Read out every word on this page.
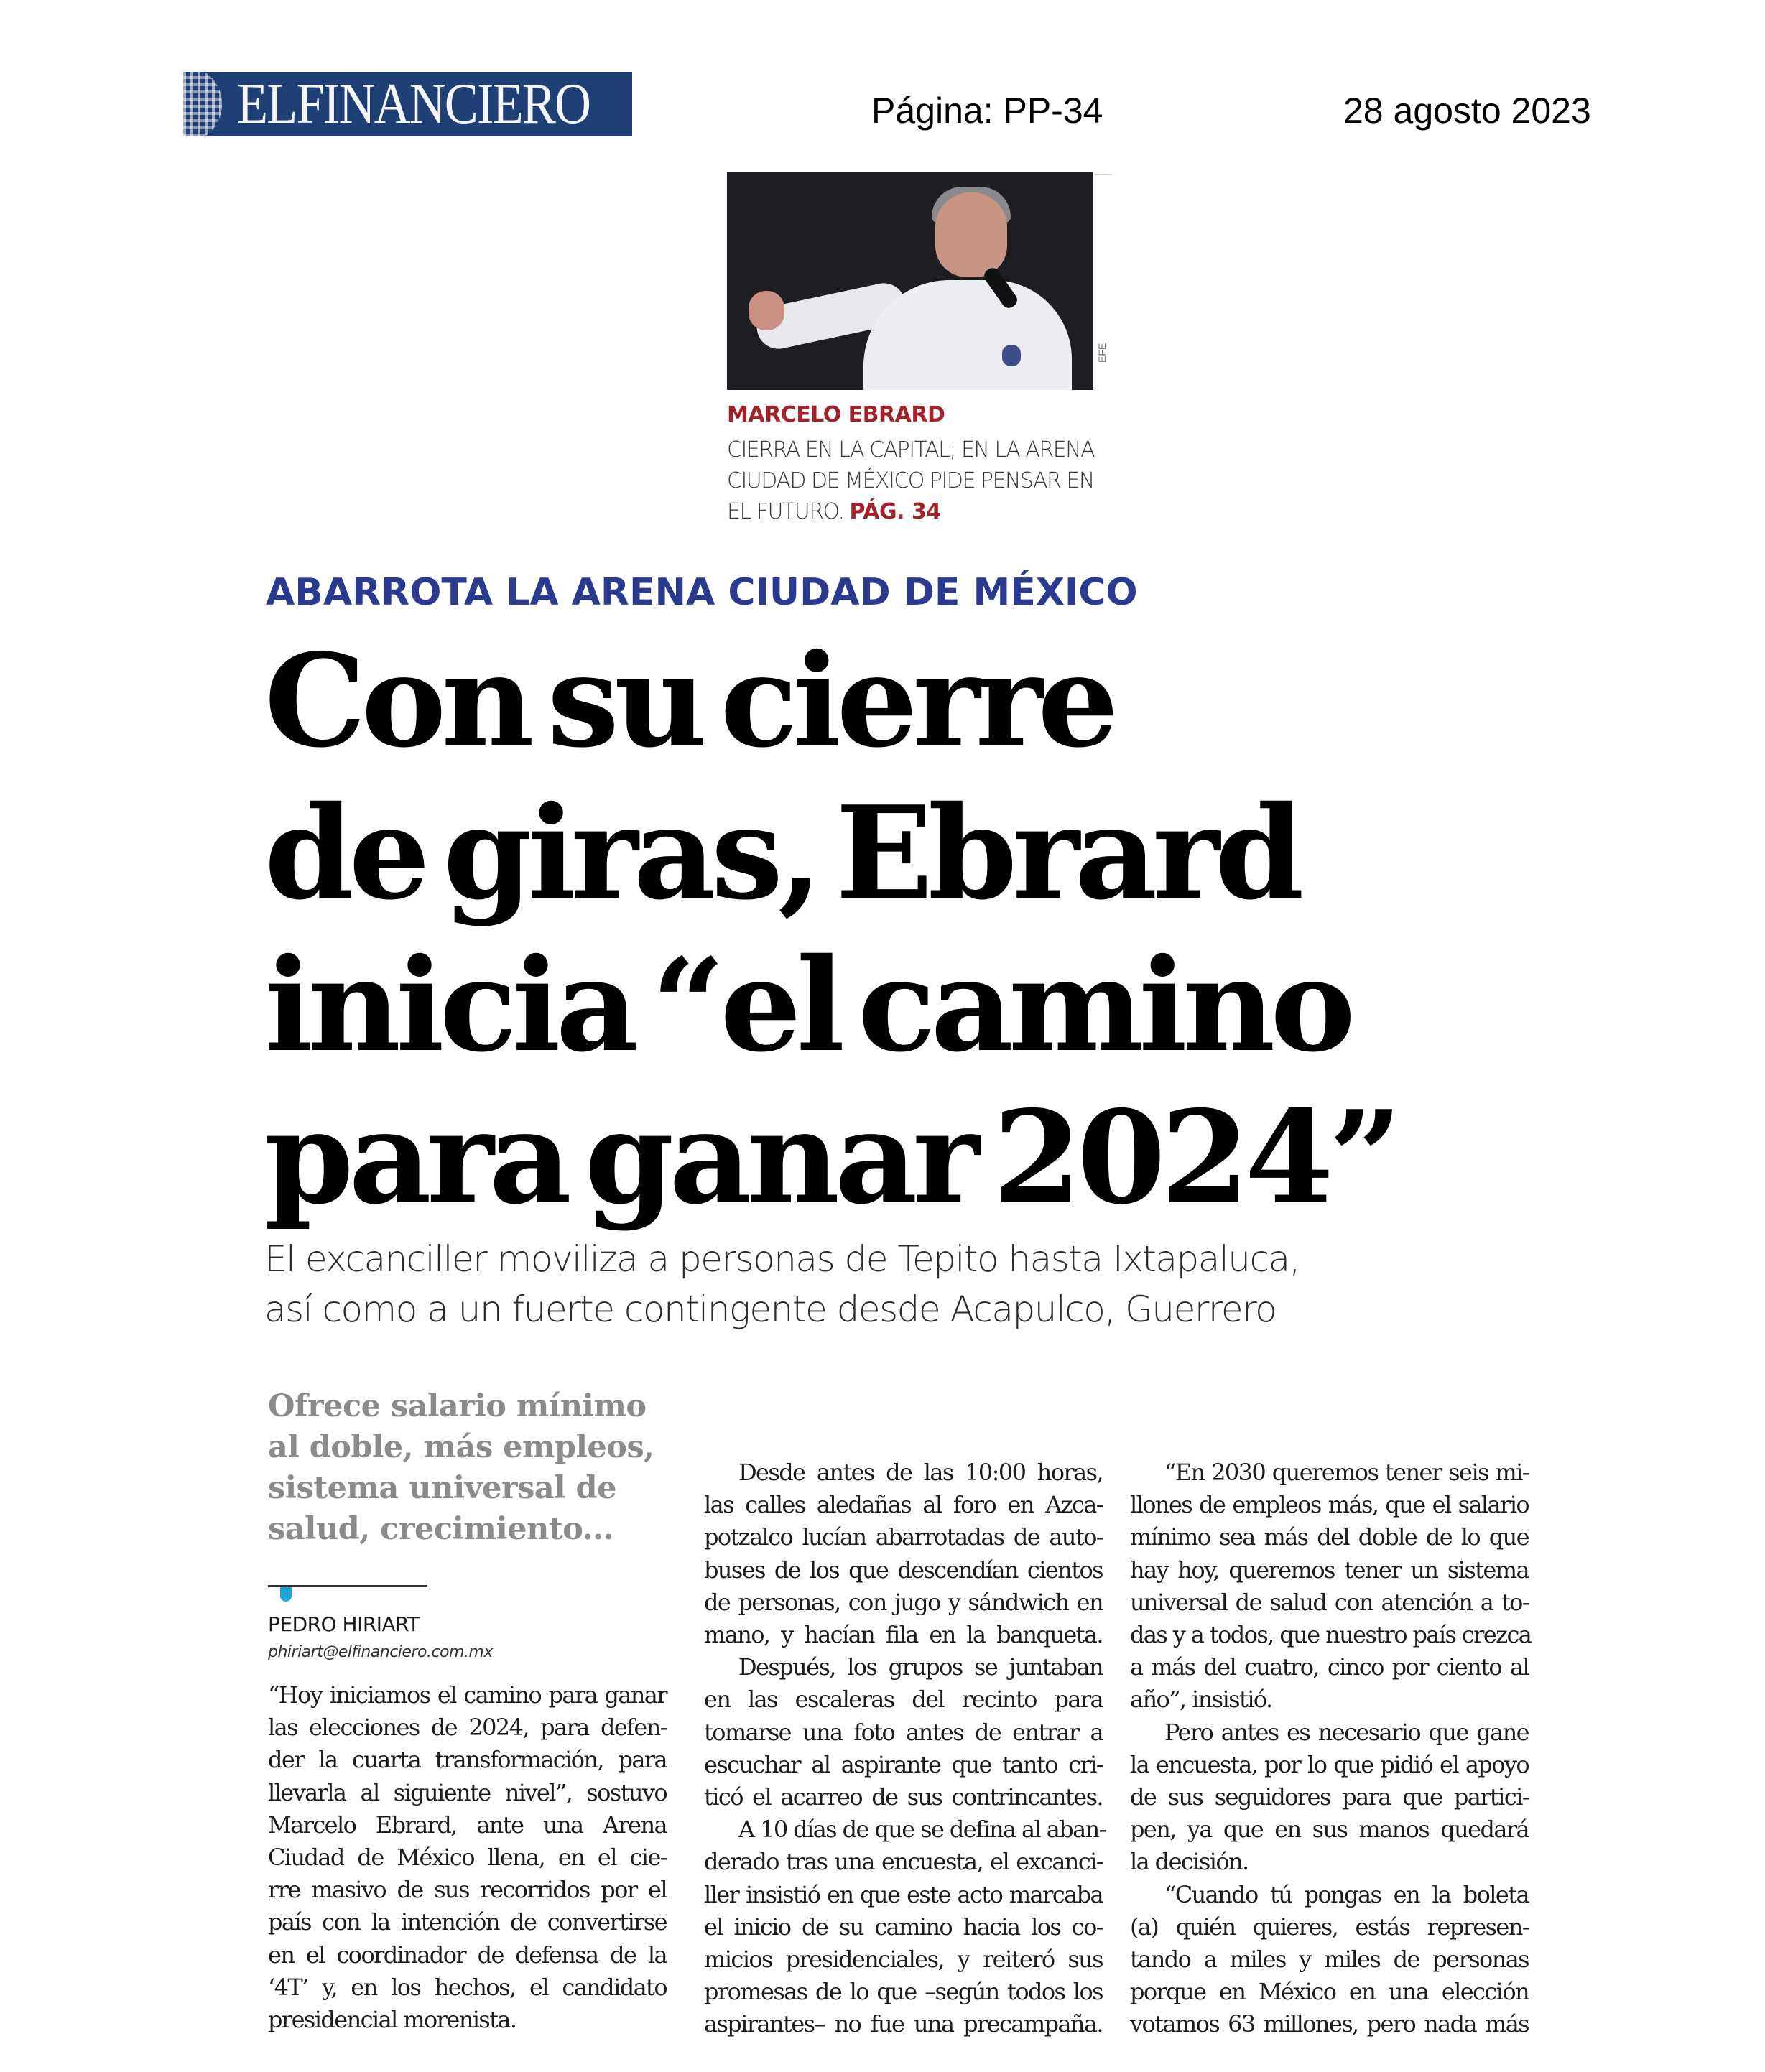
ELFINANCIERO	Página: PP-34	28 agosto 2023
EFE
MARCELO EBRARD
CIERRA EN LA CAPITAL; EN LA ARENA CIUDAD DE MÉXICO PIDE PENSAR EN EL FUTURO. PÁG. 34
ABARROTA LA ARENA CIUDAD DE MÉXICO
Con su cierre
de giras, Ebrard
inicia “el camino
para ganar 2024”
El excanciller moviliza a personas de Tepito hasta Ixtapaluca,
así como a un fuerte contingente desde Acapulco, Guerrero
Ofrece salario mínimo
al doble, más empleos,
sistema universal de
salud, crecimiento...
PEDRO HIRIART
phiriart@elfinanciero.com.mx
“Hoy iniciamos el camino para ganar
las elecciones de 2024, para defen-
der la cuarta transformación, para
llevarla al siguiente nivel”, sostuvo
Marcelo Ebrard, ante una Arena
Ciudad de México llena, en el cie-
rre masivo de sus recorridos por el
país con la intención de convertirse
en el coordinador de defensa de la
‘4T’ y, en los hechos, el candidato
presidencial morenista.
Desde antes de las 10:00 horas,
las calles aledañas al foro en Azca-
potzalco lucían abarrotadas de auto-
buses de los que descendían cientos
de personas, con jugo y sándwich en
mano, y hacían fila en la banqueta.
Después, los grupos se juntaban
en las escaleras del recinto para
tomarse una foto antes de entrar a
escuchar al aspirante que tanto cri-
ticó el acarreo de sus contrincantes.
A 10 días de que se defina al aban-
derado tras una encuesta, el excanci-
ller insistió en que este acto marcaba
el inicio de su camino hacia los co-
micios presidenciales, y reiteró sus
promesas de lo que –según todos los
aspirantes– no fue una precampaña.
“En 2030 queremos tener seis mi-
llones de empleos más, que el salario
mínimo sea más del doble de lo que
hay hoy, queremos tener un sistema
universal de salud con atención a to-
das y a todos, que nuestro país crezca
a más del cuatro, cinco por ciento al
año”, insistió.
Pero antes es necesario que gane
la encuesta, por lo que pidió el apoyo
de sus seguidores para que partici-
pen, ya que en sus manos quedará
la decisión.
“Cuando tú pongas en la boleta
(a) quién quieres, estás represen-
tando a miles y miles de personas
porque en México en una elección
votamos 63 millones, pero nada más
